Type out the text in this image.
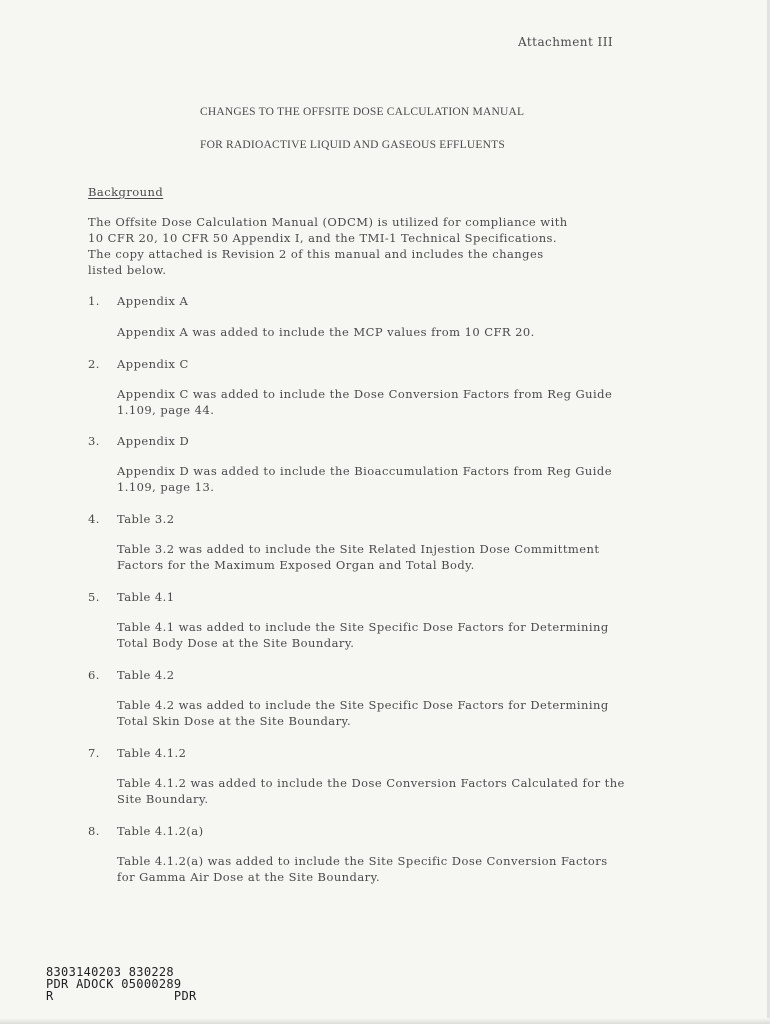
Attachment III
CHANGES TO THE OFFSITE DOSE CALCULATION MANUAL
FOR RADIOACTIVE LIQUID AND GASEOUS EFFLUENTS
Background
The Offsite Dose Calculation Manual (ODCM) is utilized for compliance with
10 CFR 20, 10 CFR 50 Appendix I, and the TMI-1 Technical Specifications.
The copy attached is Revision 2 of this manual and includes the changes
listed below.
1. Appendix A
Appendix A was added to include the MCP values from 10 CFR 20.
2. Appendix C
Appendix C was added to include the Dose Conversion Factors from Reg Guide
1.109, page 44.
3. Appendix D
Appendix D was added to include the Bioaccumulation Factors from Reg Guide
1.109, page 13.
4. Table 3.2
Table 3.2 was added to include the Site Related Injestion Dose Committment
Factors for the Maximum Exposed Organ and Total Body.
5. Table 4.1
Table 4.1 was added to include the Site Specific Dose Factors for Determining
Total Body Dose at the Site Boundary.
6. Table 4.2
Table 4.2 was added to include the Site Specific Dose Factors for Determining
Total Skin Dose at the Site Boundary.
7. Table 4.1.2
Table 4.1.2 was added to include the Dose Conversion Factors Calculated for the
Site Boundary.
8. Table 4.1.2(a)
Table 4.1.2(a) was added to include the Site Specific Dose Conversion Factors
for Gamma Air Dose at the Site Boundary.
8303140203 830228
PDR ADOCK 05000289
R                PDR
